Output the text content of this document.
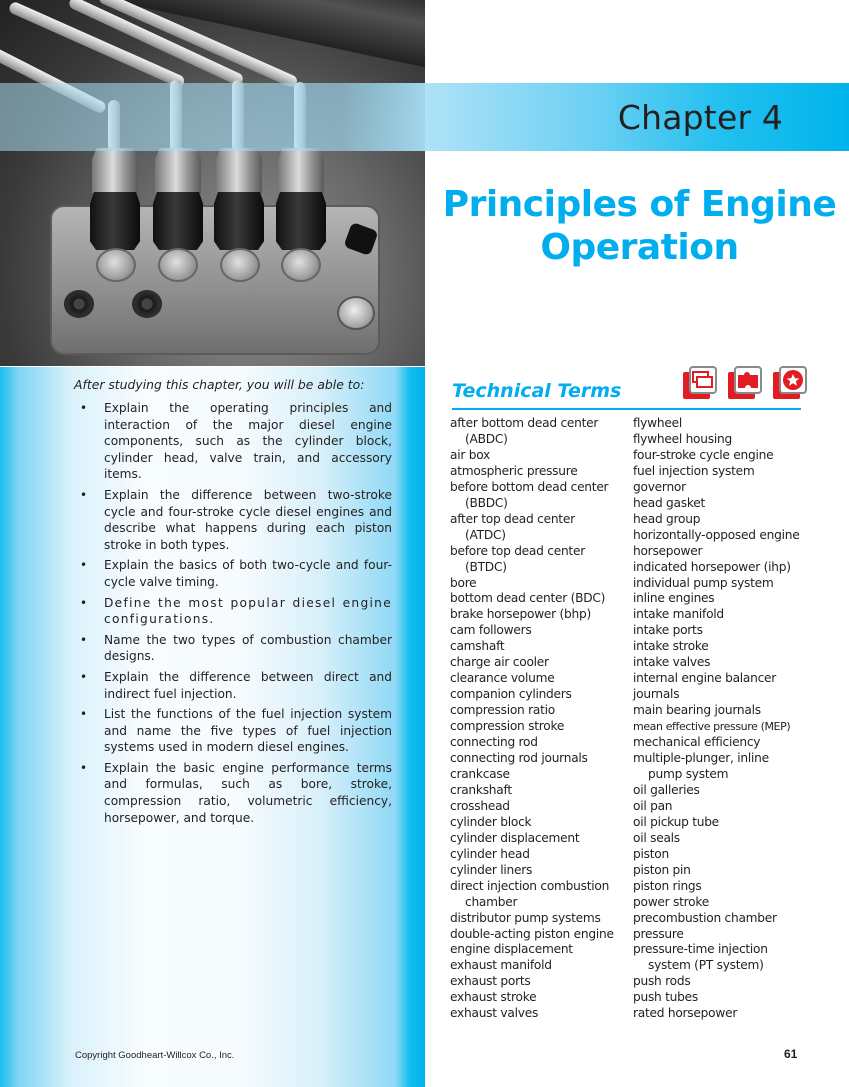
Chapter 4
Principles of Engine
Operation
After studying this chapter, you will be able to:
• Explain the operating principles and interaction of the major diesel engine components, such as the cylinder block, cylinder head, valve train, and accessory items.
• Explain the difference between two-stroke cycle and four-stroke cycle diesel engines and describe what happens during each piston stroke in both types.
• Explain the basics of both two-cycle and four-cycle valve timing.
• Define the most popular diesel engine configurations.
• Name the two types of combustion chamber designs.
• Explain the difference between direct and indirect fuel injection.
• List the functions of the fuel injection system and name the five types of fuel injection systems used in modern diesel engines.
• Explain the basic engine performance terms and formulas, such as bore, stroke, compression ratio, volumetric efficiency, horsepower, and torque.
Technical Terms
after bottom dead center
(ABDC)
air box
atmospheric pressure
before bottom dead center
(BBDC)
after top dead center
(ATDC)
before top dead center
(BTDC)
bore
bottom dead center (BDC)
brake horsepower (bhp)
cam followers
camshaft
charge air cooler
clearance volume
companion cylinders
compression ratio
compression stroke
connecting rod
connecting rod journals
crankcase
crankshaft
crosshead
cylinder block
cylinder displacement
cylinder head
cylinder liners
direct injection combustion
chamber
distributor pump systems
double-acting piston engine
engine displacement
exhaust manifold
exhaust ports
exhaust stroke
exhaust valves
flywheel
flywheel housing
four-stroke cycle engine
fuel injection system
governor
head gasket
head group
horizontally-opposed engine
horsepower
indicated horsepower (ihp)
individual pump system
inline engines
intake manifold
intake ports
intake stroke
intake valves
internal engine balancer
journals
main bearing journals
mean effective pressure (MEP)
mechanical efficiency
multiple-plunger, inline
pump system
oil galleries
oil pan
oil pickup tube
oil seals
piston
piston pin
piston rings
power stroke
precombustion chamber
pressure
pressure-time injection
system (PT system)
push rods
push tubes
rated horsepower
Copyright Goodheart-Willcox Co., Inc.	61
